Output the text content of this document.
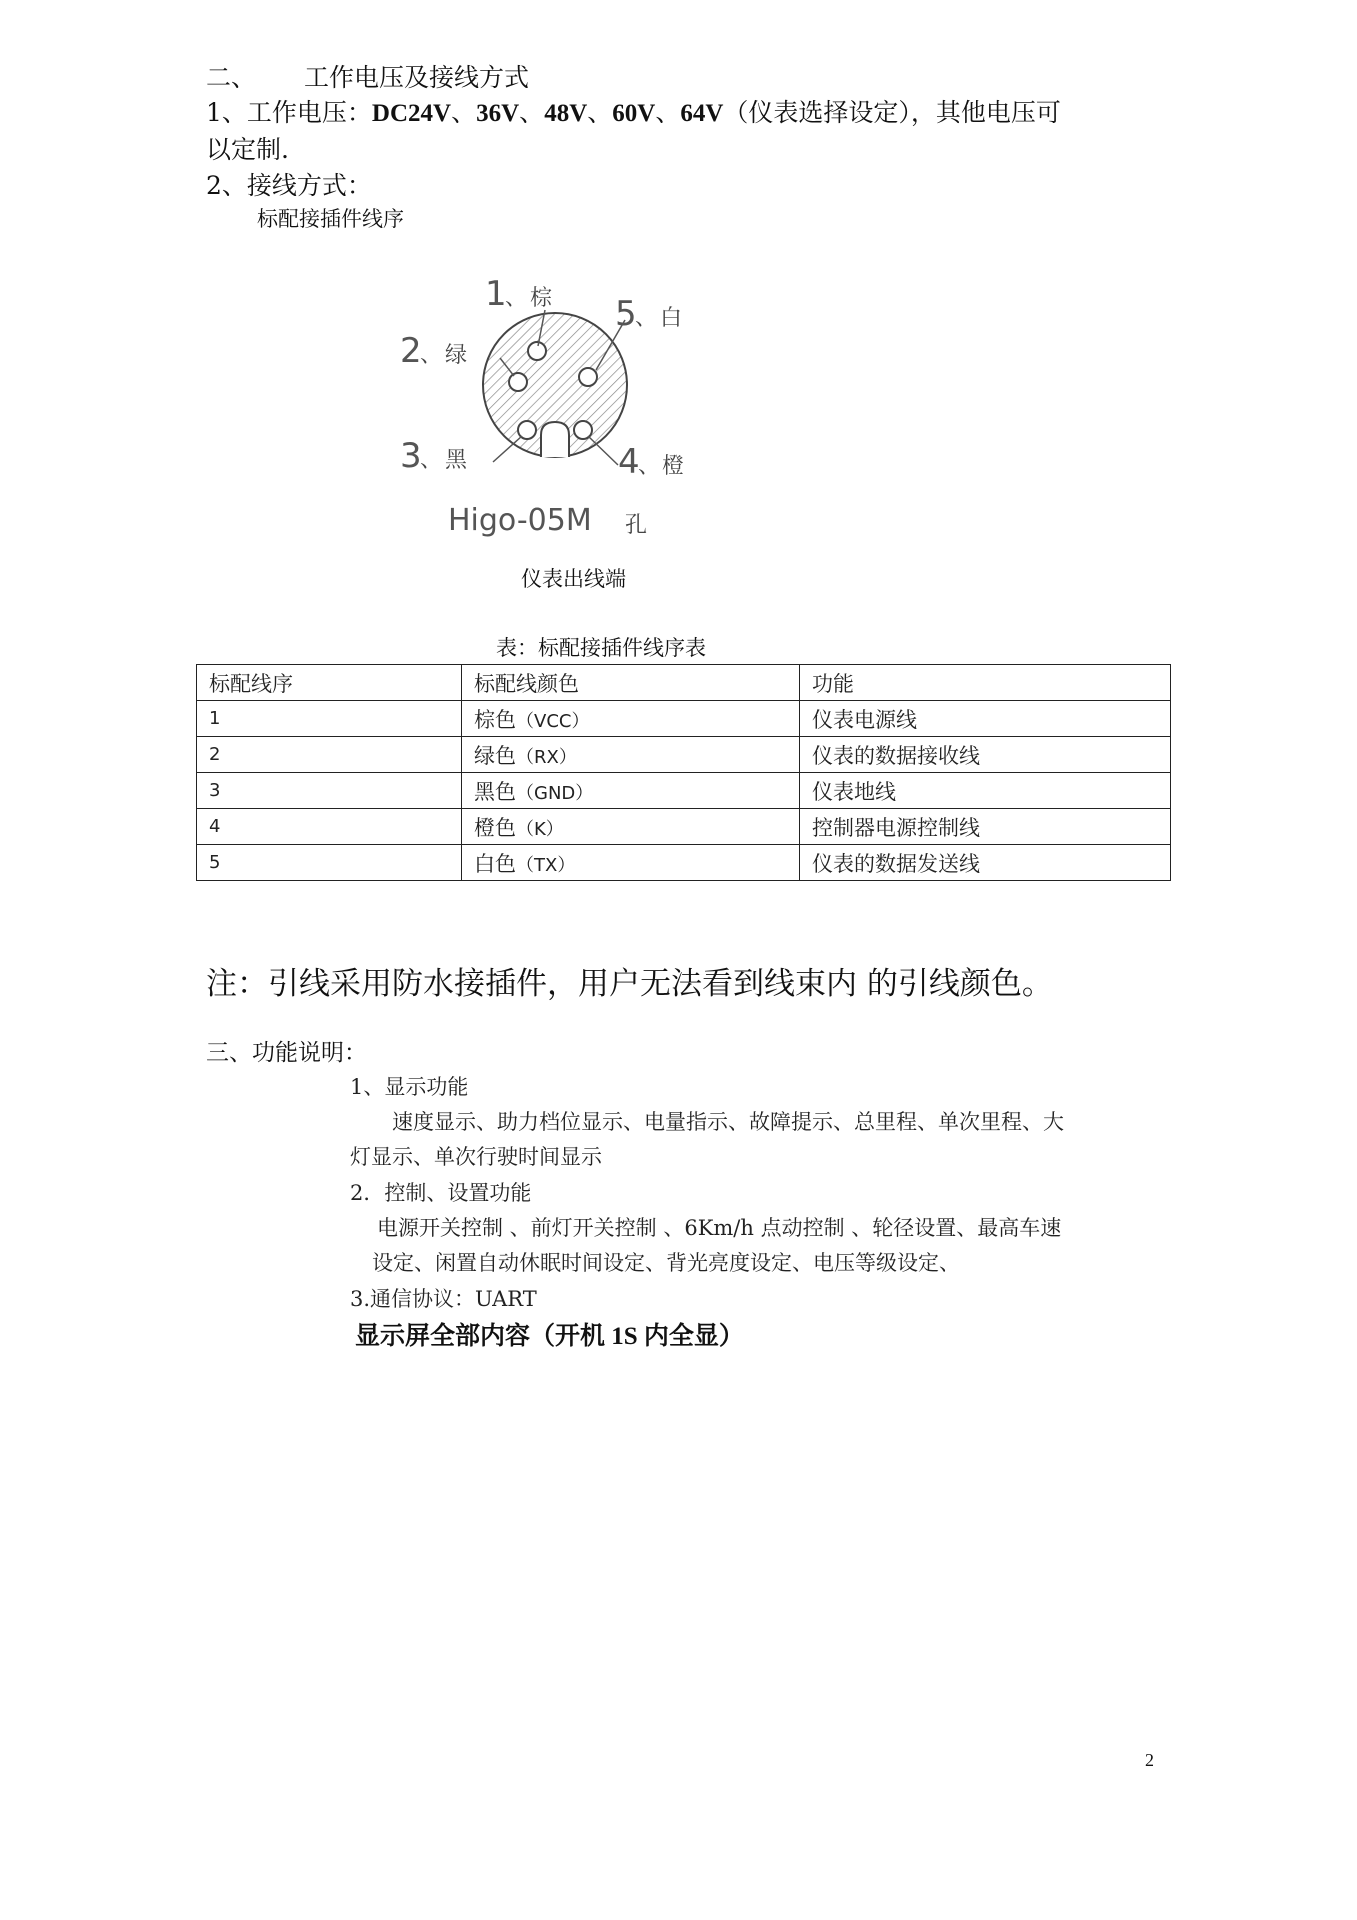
二、 工作电压及接线方式
1、工作电压：DC24V、36V、48V、60V、64V（仪表选择设定），其他电压可
以定制.
2、接线方式：
标配接插件线序
1
、 棕 5
、 白
2
、 绿
3
、 黑	4
、 橙
Higo-05M 孔
仪表出线端
表：标配接插件线序表
标配线序	标配线颜色	功能
1	棕色（VCC）	仪表电源线
2	绿色（RX）	仪表的数据接收线
3	黑色（GND）	仪表地线
4	橙色（K）	控制器电源控制线
5	白色（TX）	仪表的数据发送线
注：引线采用防水接插件，用户无法看到线束内 的引线颜色。
三、功能说明：
1、显示功能
速度显示、助力档位显示、电量指示、故障提示、总里程、单次里程、大
灯显示、单次行驶时间显示
2．控制、设置功能
电源开关控制 、前灯开关控制 、6Km/h 点动控制 、轮径设置、最高车速
设定、闲置自动休眠时间设定、背光亮度设定、电压等级设定、
3.通信协议：UART
显示屏全部内容（开机 1S 内全显）
2
